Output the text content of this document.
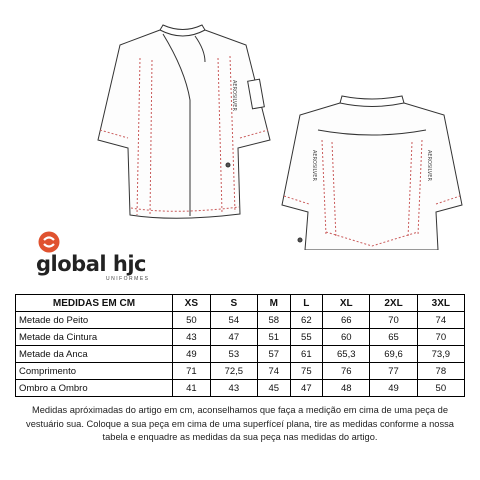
AEROSILVER
AEROSILVER	AEROSILVER
global hjc
UNIFORMES
MEDIDAS EM CM	XS	S	M	L	XL	2XL	3XL
Metade do Peito	50	54	58	62	66	70	74
Metade da Cintura	43	47	51	55	60	65	70
Metade da Anca	49	53	57	61	65,3	69,6	73,9
Comprimento	71	72,5	74	75	76	77	78
Ombro a Ombro	41	43	45	47	48	49	50
Medidas apróximadas do artigo em cm, aconselhamos que faça a medição em cima de uma peça de vestuário sua. Coloque a sua peça em cima de uma superfíceí plana, tire as medidas conforme a nossa tabela e enquadre as medidas da sua peça nas medidas do artigo.
